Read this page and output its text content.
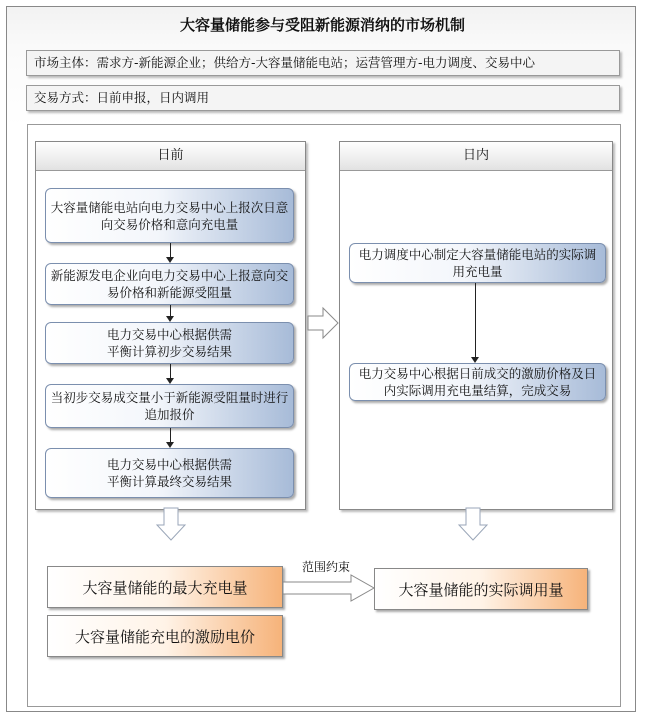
大容量储能参与受阻新能源消纳的市场机制
市场主体：需求方-新能源企业；供给方-大容量储能电站；运营管理方-电力调度、交易中心
交易方式：日前申报，日内调用
日前
大容量储能电站向电力交易中心上报次日意向交易价格和意向充电量
新能源发电企业向电力交易中心上报意向交易价格和新能源受阻量
电力交易中心根据供需平衡计算初步交易结果
当初步交易成交量小于新能源受阻量时进行追加报价
电力交易中心根据供需平衡计算最终交易结果
日内
电力调度中心制定大容量储能电站的实际调用充电量
电力交易中心根据日前成交的激励价格及日内实际调用充电量结算，完成交易
大容量储能的最大充电量
大容量储能充电的激励电价
大容量储能的实际调用量
范围约束
